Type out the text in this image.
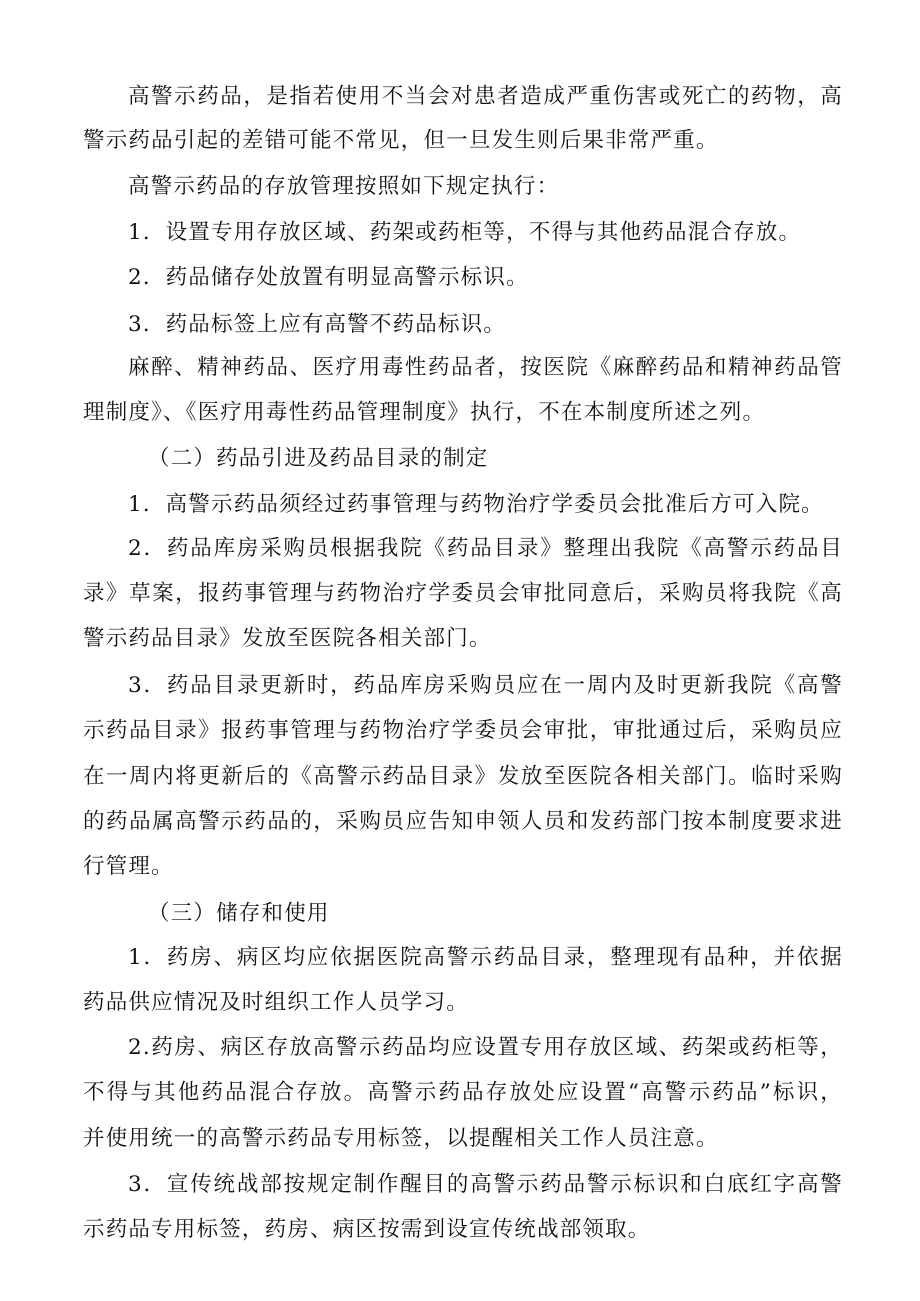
高警示药品，是指若使用不当会对患者造成严重伤害或死亡的药物，高
警示药品引起的差错可能不常见，但一旦发生则后果非常严重。
高警示药品的存放管理按照如下规定执行：
1．设置专用存放区域、药架或药柜等，不得与其他药品混合存放。
2．药品储存处放置有明显高警示标识。
3．药品标签上应有高警不药品标识。
麻醉、精神药品、医疗用毒性药品者，按医院《麻醉药品和精神药品管
理制度》、《医疗用毒性药品管理制度》执行，不在本制度所述之列。
（二）药品引进及药品目录的制定
1．高警示药品须经过药事管理与药物治疗学委员会批准后方可入院。
2．药品库房采购员根据我院《药品目录》整理出我院《高警示药品目
录》草案，报药事管理与药物治疗学委员会审批同意后，采购员将我院《高
警示药品目录》发放至医院各相关部门。
3．药品目录更新时，药品库房采购员应在一周内及时更新我院《高警
示药品目录》报药事管理与药物治疗学委员会审批，审批通过后，采购员应
在一周内将更新后的《高警示药品目录》发放至医院各相关部门。临时采购
的药品属高警示药品的，采购员应告知申领人员和发药部门按本制度要求进
行管理。
（三）储存和使用
1．药房、病区均应依据医院高警示药品目录，整理现有品种，并依据
药品供应情况及时组织工作人员学习。
2.药房、病区存放高警示药品均应设置专用存放区域、药架或药柜等，
不得与其他药品混合存放。高警示药品存放处应设置“高警示药品”标识，
并使用统一的高警示药品专用标签，以提醒相关工作人员注意。
3．宣传统战部按规定制作醒目的高警示药品警示标识和白底红字高警
示药品专用标签，药房、病区按需到设宣传统战部领取。
